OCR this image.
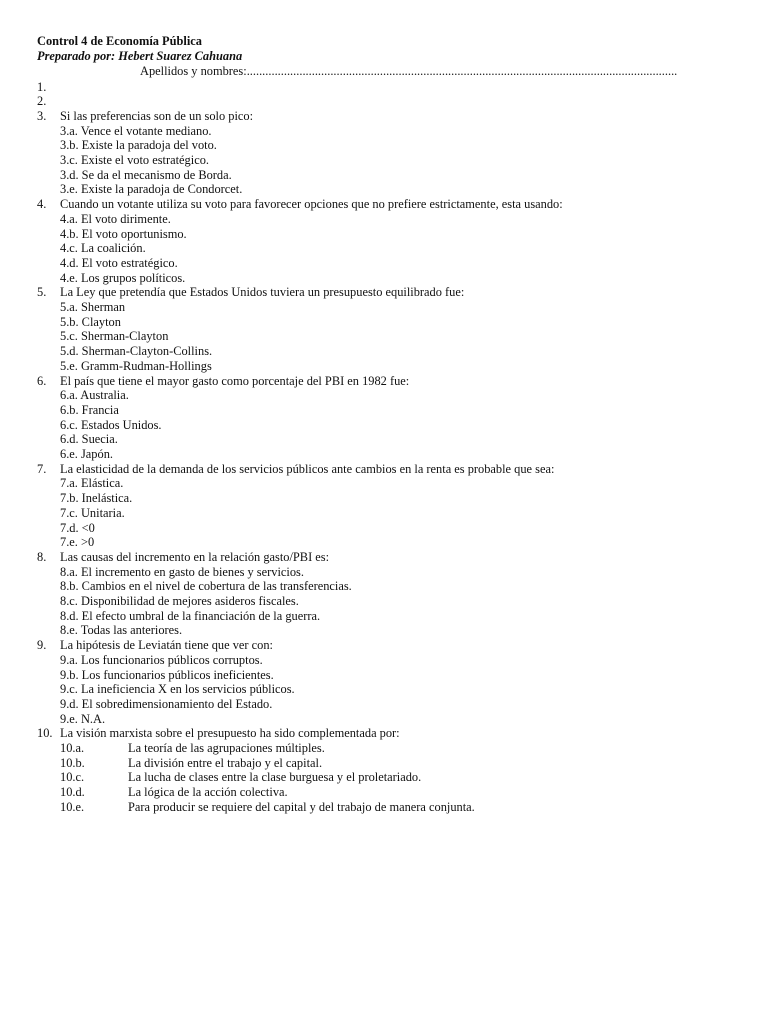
Control 4 de Economía Pública
Preparado por: Hebert Suarez Cahuana
Apellidos y nombres:...........................................................................................................................................
1.
2.
3. Si las preferencias son de un solo pico:
3.a. Vence el votante mediano.
3.b. Existe la paradoja del voto.
3.c. Existe el voto estratégico.
3.d. Se da el mecanismo de Borda.
3.e. Existe la paradoja de Condorcet.
4. Cuando un votante utiliza su voto para favorecer opciones que no prefiere estrictamente, esta usando:
4.a. El voto dirimente.
4.b. El voto oportunismo.
4.c. La coalición.
4.d. El voto estratégico.
4.e. Los grupos políticos.
5. La Ley que pretendía que Estados Unidos tuviera un presupuesto equilibrado fue:
5.a. Sherman
5.b. Clayton
5.c. Sherman-Clayton
5.d. Sherman-Clayton-Collins.
5.e. Gramm-Rudman-Hollings
6. El país que tiene el mayor gasto como porcentaje del PBI en 1982 fue:
6.a. Australia.
6.b. Francia
6.c. Estados Unidos.
6.d. Suecia.
6.e. Japón.
7. La elasticidad de la demanda de los servicios públicos ante cambios en la renta es probable que sea:
7.a. Elástica.
7.b. Inelástica.
7.c. Unitaria.
7.d. <0
7.e. >0
8. Las causas del incremento en la relación gasto/PBI es:
8.a. El incremento en gasto de bienes y servicios.
8.b. Cambios en el nivel de cobertura de las transferencias.
8.c. Disponibilidad de mejores asideros fiscales.
8.d. El efecto umbral de la financiación de la guerra.
8.e. Todas las anteriores.
9. La hipótesis de Leviatán tiene que ver con:
9.a. Los funcionarios públicos corruptos.
9.b. Los funcionarios públicos ineficientes.
9.c. La ineficiencia X en los servicios públicos.
9.d. El sobredimensionamiento del Estado.
9.e. N.A.
10. La visión marxista sobre el presupuesto ha sido complementada por:
10.a.	La teoría de las agrupaciones múltiples.
10.b.	La división entre el trabajo y el capital.
10.c.	La lucha de clases entre la clase burguesa y el proletariado.
10.d.	La lógica de la acción colectiva.
10.e.	Para producir se requiere del capital y del trabajo de manera conjunta.
